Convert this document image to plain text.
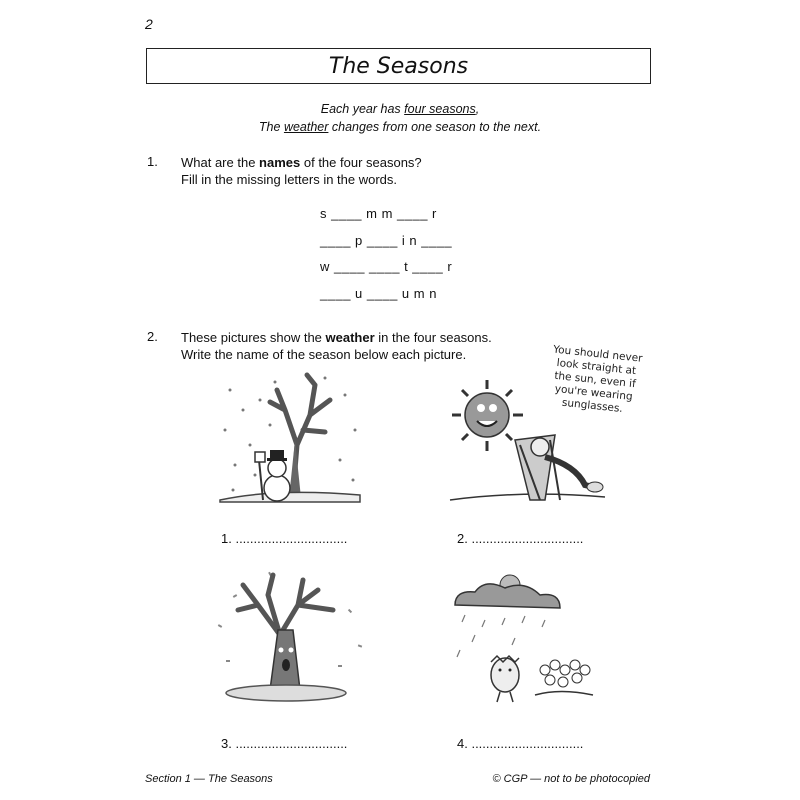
2
The Seasons
Each year has four seasons,
The weather changes from one season to the next.
1. What are the names of the four seasons?
Fill in the missing letters in the words.
s ____ m m ____ r
____ p ____ i n ____
w ____ ____ t ____ r
____ u ____ u m n
2. These pictures show the weather in the four seasons.
Write the name of the season below each picture.	You should never look straight at the sun, even if you're wearing sunglasses.
1. ...............................	2. ...............................
3. ...............................	4. ...............................
Section 1 — The Seasons	© CGP — not to be photocopied
